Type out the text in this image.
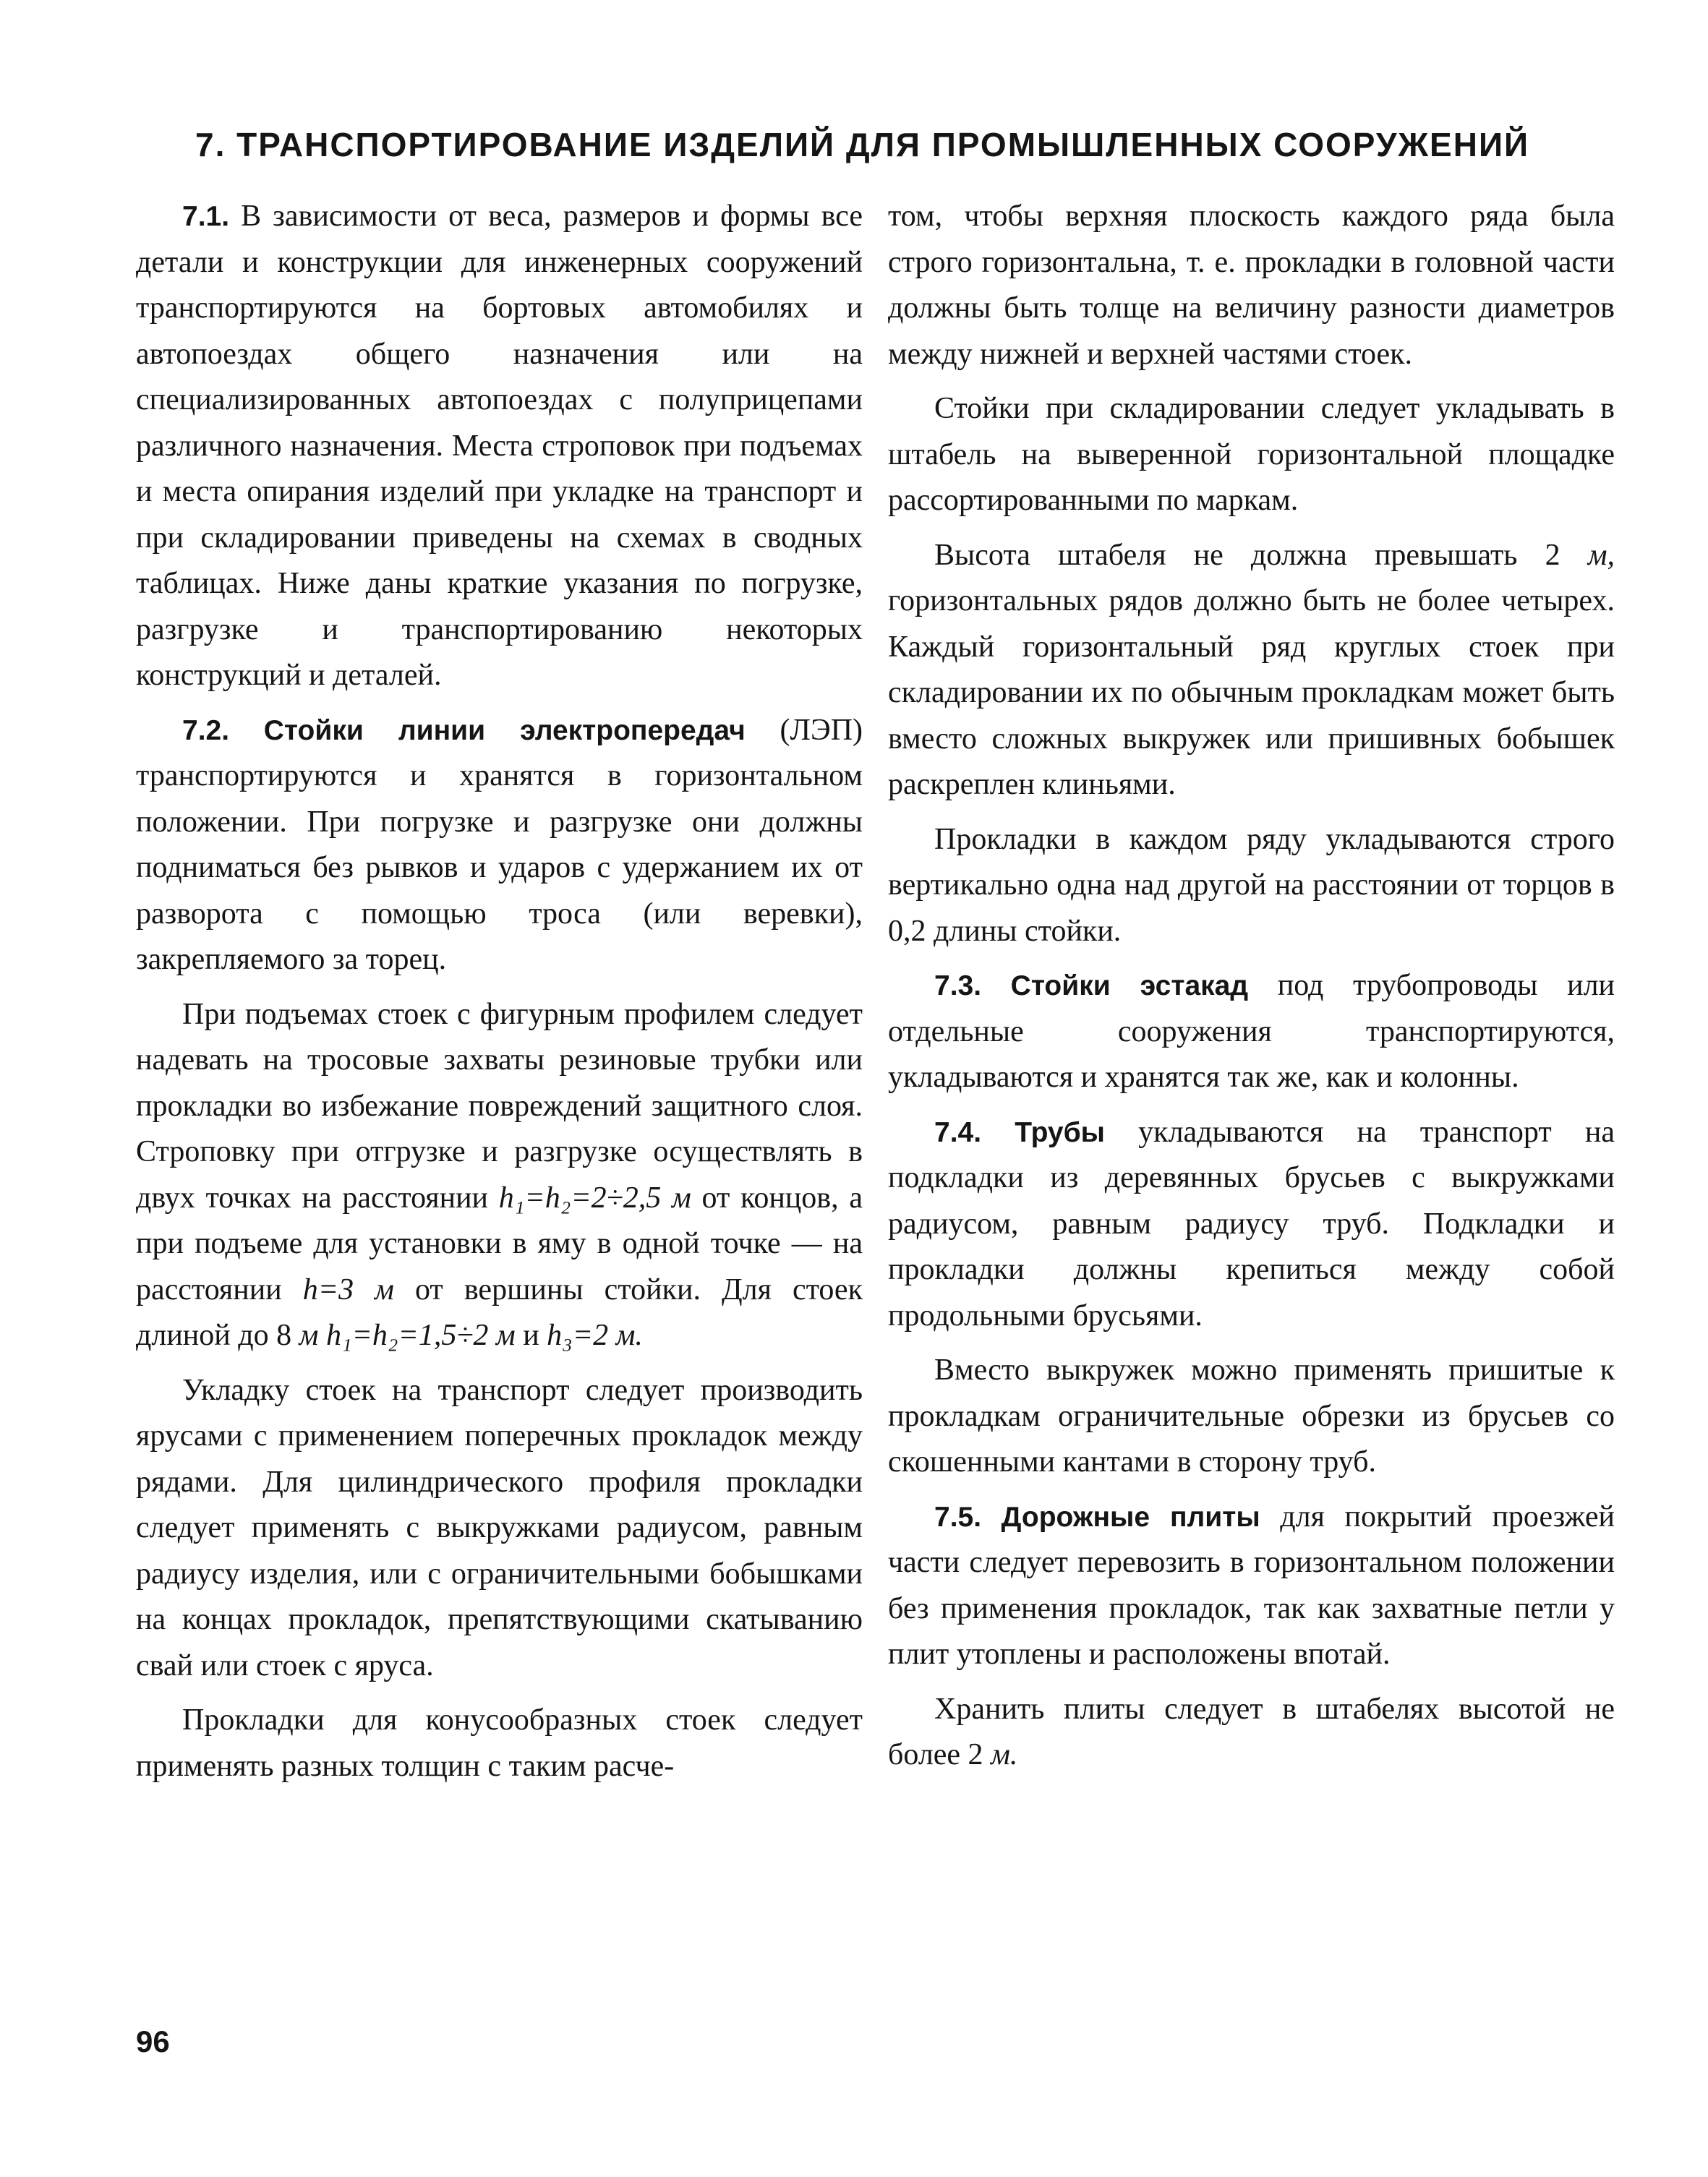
7. ТРАНСПОРТИРОВАНИЕ ИЗДЕЛИЙ ДЛЯ ПРОМЫШЛЕННЫХ СООРУЖЕНИЙ

7.1. В зависимости от веса, размеров и формы все детали и конструкции для инженерных сооружений транспортируются на бортовых автомобилях и автопоездах общего назначения или на специализированных автопоездах с полуприцепами различного назначения. Места строповок при подъемах и места опирания изделий при укладке на транспорт и при складировании приведены на схемах в сводных таблицах. Ниже даны краткие указания по погрузке, разгрузке и транспортированию некоторых конструкций и деталей.

7.2. Стойки линии электропередач (ЛЭП) транспортируются и хранятся в горизонтальном положении. При погрузке и разгрузке они должны подниматься без рывков и ударов с удержанием их от разворота с помощью троса (или веревки), закрепляемого за торец.

При подъемах стоек с фигурным профилем следует надевать на тросовые захваты резиновые трубки или прокладки во избежание повреждений защитного слоя. Строповку при отгрузке и разгрузке осуществлять в двух точках на расстоянии h₁=h₂=2÷2,5 м от концов, а при подъеме для установки в яму в одной точке — на расстоянии h=3 м от вершины стойки. Для стоек длиной до 8 м h₁=h₂=1,5÷2 м и h₃=2 м.

Укладку стоек на транспорт следует производить ярусами с применением поперечных прокладок между рядами. Для цилиндрического профиля прокладки следует применять с выкружками радиусом, равным радиусу изделия, или с ограничительными бобышками на концах прокладок, препятствующими скатыванию свай или стоек с яруса.

Прокладки для конусообразных стоек следует применять разных толщин с таким расче-

том, чтобы верхняя плоскость каждого ряда была строго горизонтальна, т. е. прокладки в головной части должны быть толще на величину разности диаметров между нижней и верхней частями стоек.

Стойки при складировании следует укладывать в штабель на выверенной горизонтальной площадке рассортированными по маркам.

Высота штабеля не должна превышать 2 м, горизонтальных рядов должно быть не более четырех. Каждый горизонтальный ряд круглых стоек при складировании их по обычным прокладкам может быть вместо сложных выкружек или пришивных бобышек раскреплен клиньями.

Прокладки в каждом ряду укладываются строго вертикально одна над другой на расстоянии от торцов в 0,2 длины стойки.

7.3. Стойки эстакад под трубопроводы или отдельные сооружения транспортируются, укладываются и хранятся так же, как и колонны.

7.4. Трубы укладываются на транспорт на подкладки из деревянных брусьев с выкружками радиусом, равным радиусу труб. Подкладки и прокладки должны крепиться между собой продольными брусьями.

Вместо выкружек можно применять пришитые к прокладкам ограничительные обрезки из брусьев со скошенными кантами в сторону труб.

7.5. Дорожные плиты для покрытий проезжей части следует перевозить в горизонтальном положении без применения прокладок, так как захватные петли у плит утоплены и расположены впотай.

Хранить плиты следует в штабелях высотой не более 2 м.

96
